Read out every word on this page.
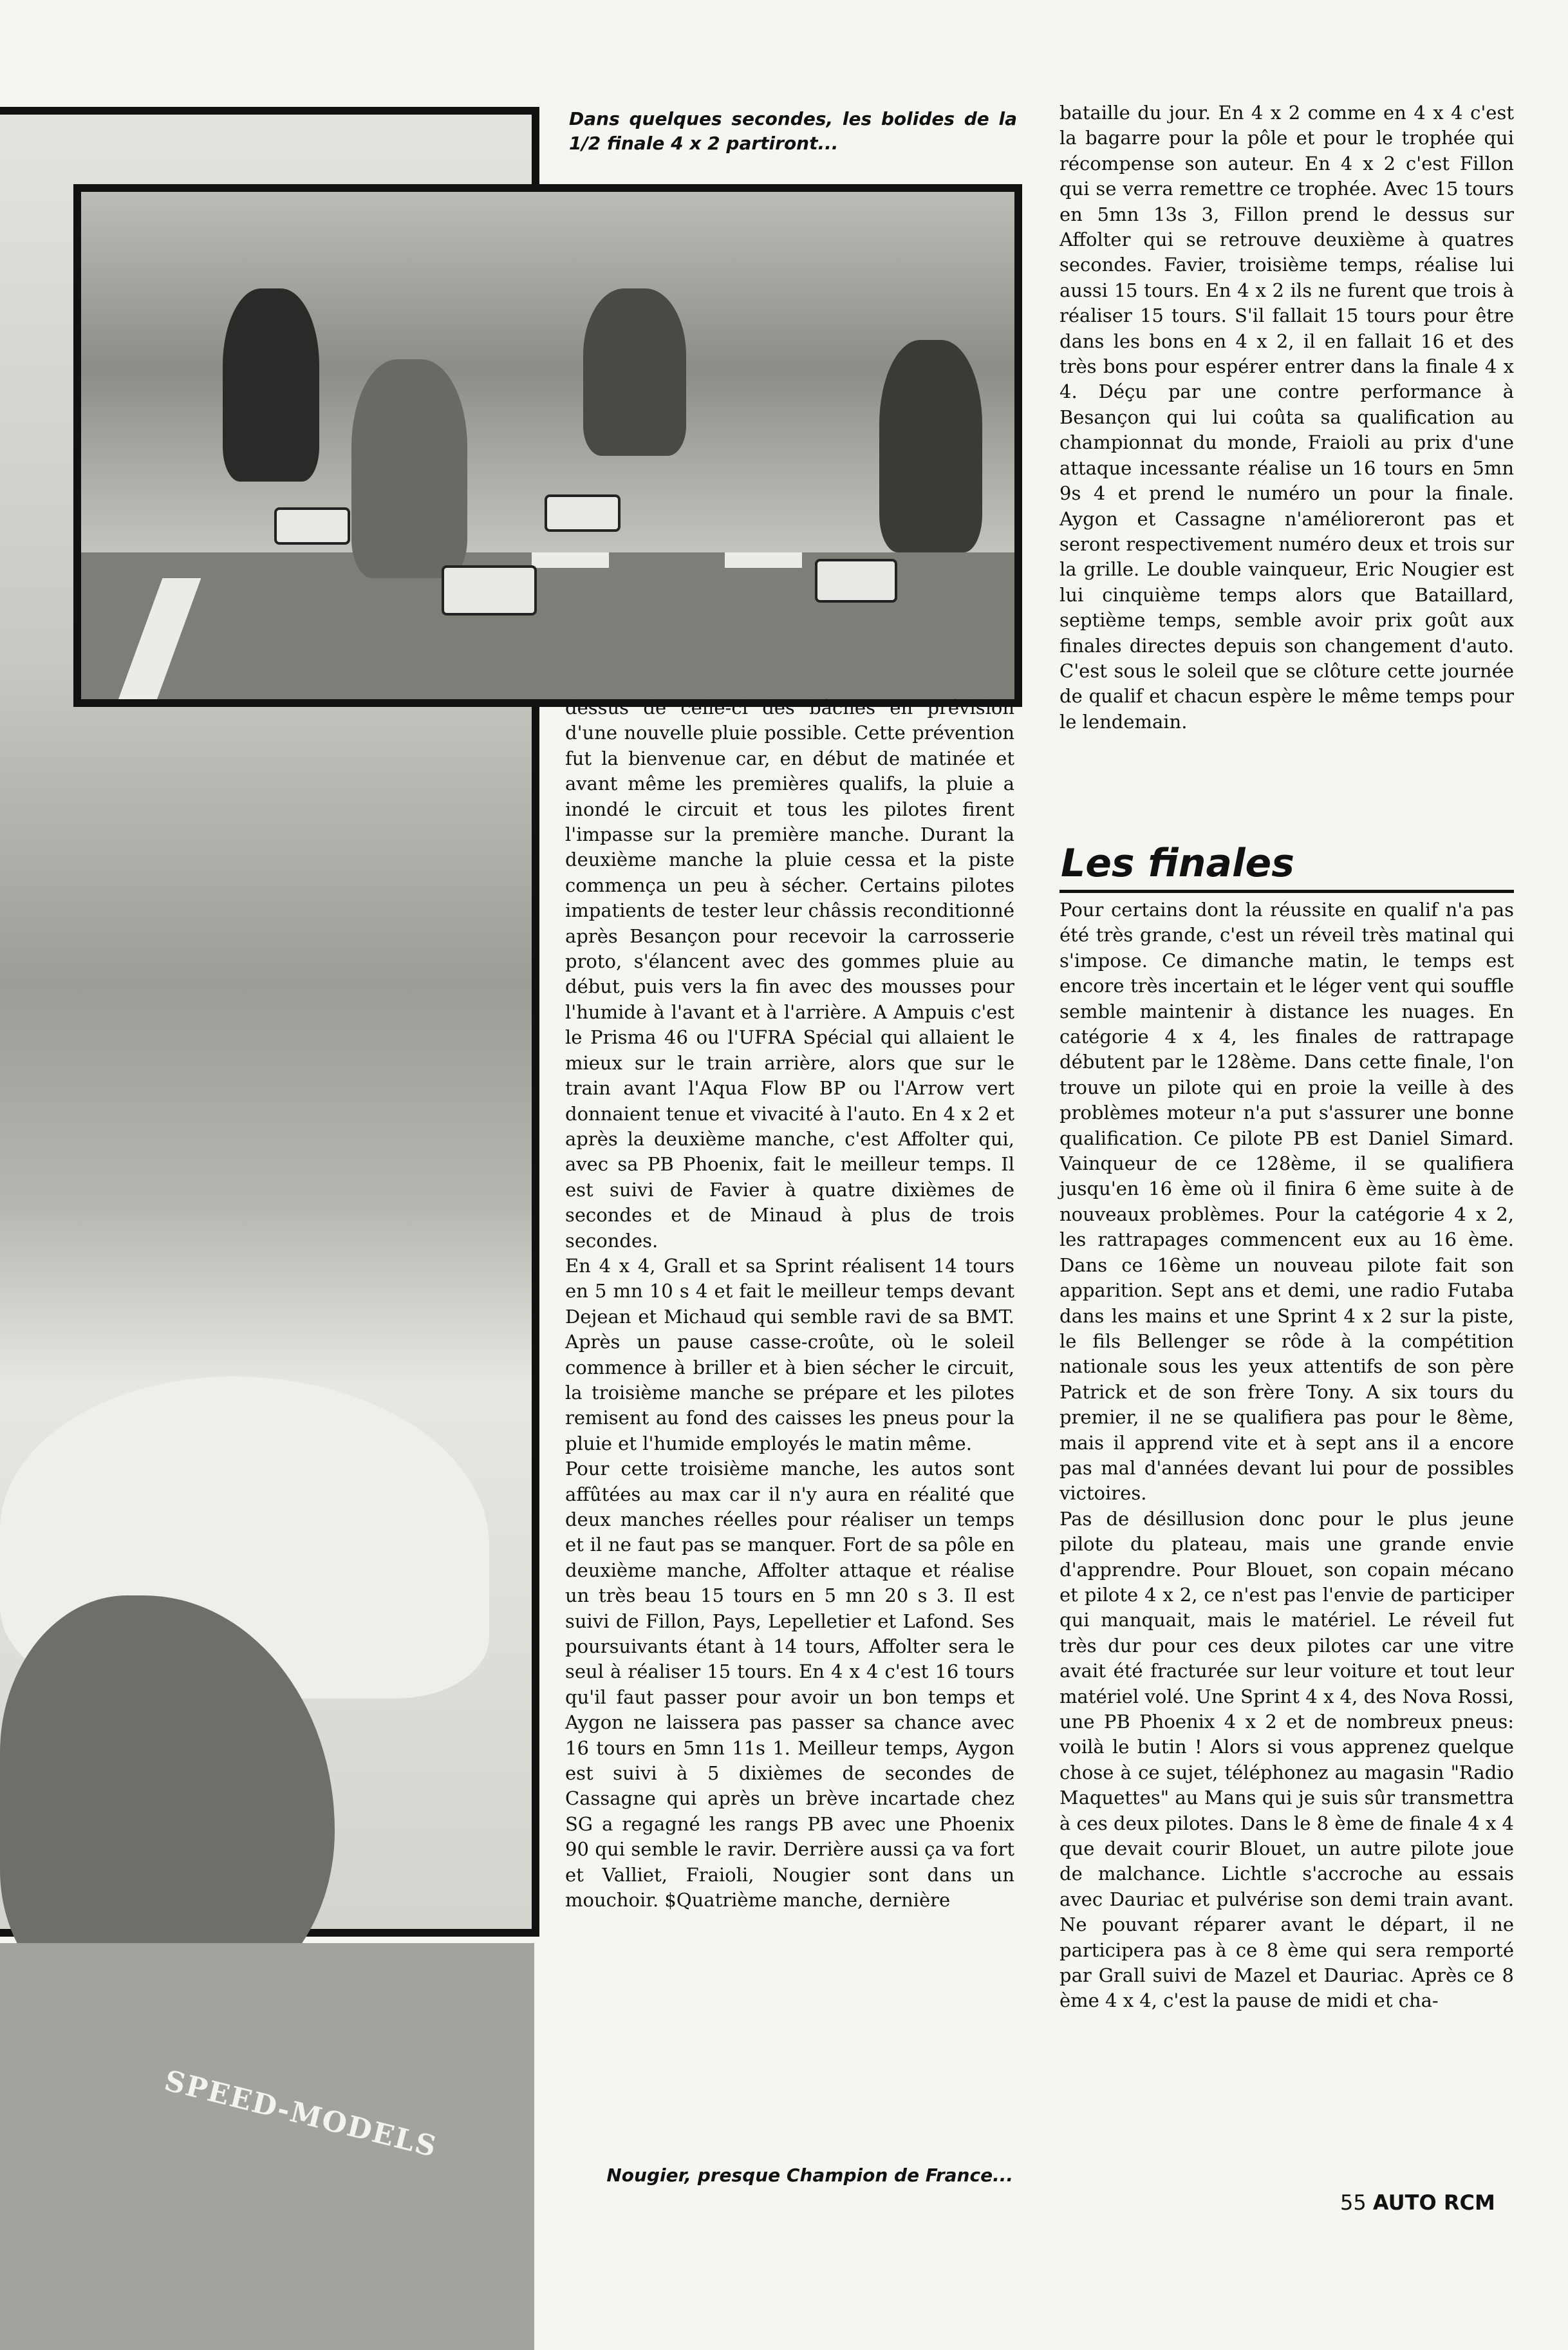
SPEED-MODELS
Dans quelques secondes, les bolides de la 1/2 finale 4 x 2 partiront...

dessus de celle-ci des bâches en prévision d'une nouvelle pluie possible. Cette prévention fut la bienvenue car, en début de matinée et avant même les premières qualifs, la pluie a inondé le circuit et tous les pilotes firent l'impasse sur la première manche. Durant la deuxième manche la pluie cessa et la piste commença un peu à sécher. Certains pilotes impatients de tester leur châssis reconditionné après Besançon pour recevoir la carrosserie proto, s'élancent avec des gommes pluie au début, puis vers la fin avec des mousses pour l'humide à l'avant et à l'arrière. A Ampuis c'est le Prisma 46 ou l'UFRA Spécial qui allaient le mieux sur le train arrière, alors que sur le train avant l'Aqua Flow BP ou l'Arrow vert donnaient tenue et vivacité à l'auto. En 4 x 2 et après la deuxième manche, c'est Affolter qui, avec sa PB Phoenix, fait le meilleur temps. Il est suivi de Favier à quatre dixièmes de secondes et de Minaud à plus de trois secondes.

En 4 x 4, Grall et sa Sprint réalisent 14 tours en 5 mn 10 s 4 et fait le meilleur temps devant Dejean et Michaud qui semble ravi de sa BMT. Après un pause casse-croûte, où le soleil commence à briller et à bien sécher le circuit, la troisième manche se prépare et les pilotes remisent au fond des caisses les pneus pour la pluie et l'humide employés le matin même.

Pour cette troisième manche, les autos sont affûtées au max car il n'y aura en réalité que deux manches réelles pour réaliser un temps et il ne faut pas se manquer. Fort de sa pôle en deuxième manche, Affolter attaque et réalise un très beau 15 tours en 5 mn 20 s 3. Il est suivi de Fillon, Pays, Lepelletier et Lafond. Ses poursuivants étant à 14 tours, Affolter sera le seul à réaliser 15 tours. En 4 x 4 c'est 16 tours qu'il faut passer pour avoir un bon temps et Aygon ne laissera pas passer sa chance avec 16 tours en 5mn 11s 1. Meilleur temps, Aygon est suivi à 5 dixièmes de secondes de Cassagne qui après un brève incartade chez SG a regagné les rangs PB avec une Phoenix 90 qui semble le ravir. Derrière aussi ça va fort et Valliet, Fraioli, Nougier sont dans un mouchoir. $Quatrième manche, dernière

Nougier, presque Champion de France...

bataille du jour. En 4 x 2 comme en 4 x 4 c'est la bagarre pour la pôle et pour le trophée qui récompense son auteur. En 4 x 2 c'est Fillon qui se verra remettre ce trophée. Avec 15 tours en 5mn 13s 3, Fillon prend le dessus sur Affolter qui se retrouve deuxième à quatres secondes. Favier, troisième temps, réalise lui aussi 15 tours. En 4 x 2 ils ne furent que trois à réaliser 15 tours. S'il fallait 15 tours pour être dans les bons en 4 x 2, il en fallait 16 et des très bons pour espérer entrer dans la finale 4 x 4. Déçu par une contre performance à Besançon qui lui coûta sa qualification au championnat du monde, Fraioli au prix d'une attaque incessante réalise un 16 tours en 5mn 9s 4 et prend le numéro un pour la finale. Aygon et Cassagne n'amélioreront pas et seront respectivement numéro deux et trois sur la grille. Le double vainqueur, Eric Nougier est lui cinquième temps alors que Bataillard, septième temps, semble avoir prix goût aux finales directes depuis son changement d'auto. C'est sous le soleil que se clôture cette journée de qualif et chacun espère le même temps pour le lendemain.

Les finales

Pour certains dont la réussite en qualif n'a pas été très grande, c'est un réveil très matinal qui s'impose. Ce dimanche matin, le temps est encore très incertain et le léger vent qui souffle semble maintenir à distance les nuages. En catégorie 4 x 4, les finales de rattrapage débutent par le 128ème. Dans cette finale, l'on trouve un pilote qui en proie la veille à des problèmes moteur n'a put s'assurer une bonne qualification. Ce pilote PB est Daniel Simard. Vainqueur de ce 128ème, il se qualifiera jusqu'en 16 ème où il finira 6 ème suite à de nouveaux problèmes. Pour la catégorie 4 x 2, les rattrapages commencent eux au 16 ème. Dans ce 16ème un nouveau pilote fait son apparition. Sept ans et demi, une radio Futaba dans les mains et une Sprint 4 x 2 sur la piste, le fils Bellenger se rôde à la compétition nationale sous les yeux attentifs de son père Patrick et de son frère Tony. A six tours du premier, il ne se qualifiera pas pour le 8ème, mais il apprend vite et à sept ans il a encore pas mal d'années devant lui pour de possibles victoires.

Pas de désillusion donc pour le plus jeune pilote du plateau, mais une grande envie d'apprendre. Pour Blouet, son copain mécano et pilote 4 x 2, ce n'est pas l'envie de participer qui manquait, mais le matériel. Le réveil fut très dur pour ces deux pilotes car une vitre avait été fracturée sur leur voiture et tout leur matériel volé. Une Sprint 4 x 4, des Nova Rossi, une PB Phoenix 4 x 2 et de nombreux pneus: voilà le butin ! Alors si vous apprenez quelque chose à ce sujet, téléphonez au magasin "Radio Maquettes" au Mans qui je suis sûr transmettra à ces deux pilotes. Dans le 8 ème de finale 4 x 4 que devait courir Blouet, un autre pilote joue de malchance. Lichtle s'accroche au essais avec Dauriac et pulvérise son demi train avant. Ne pouvant réparer avant le départ, il ne participera pas à ce 8 ème qui sera remporté par Grall suivi de Mazel et Dauriac. Après ce 8 ème 4 x 4, c'est la pause de midi et cha-

55 AUTO RCM
